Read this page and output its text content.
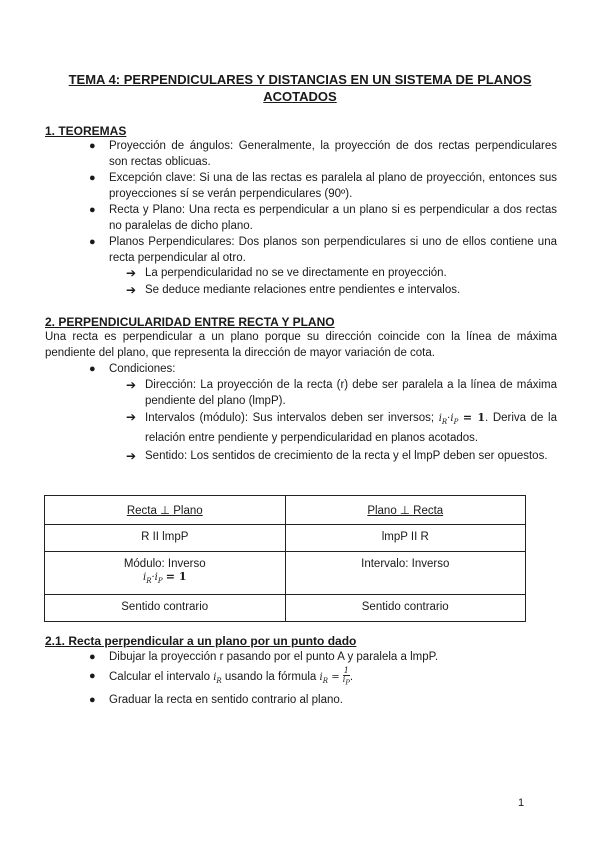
TEMA 4: PERPENDICULARES Y DISTANCIAS EN UN SISTEMA DE PLANOS ACOTADOS
1. TEOREMAS
● Proyección de ángulos: Generalmente, la proyección de dos rectas perpendiculares son rectas oblicuas.
● Excepción clave: Si una de las rectas es paralela al plano de proyección, entonces sus proyecciones sí se verán perpendiculares (90º).
● Recta y Plano: Una recta es perpendicular a un plano si es perpendicular a dos rectas no paralelas de dicho plano.
● Planos Perpendiculares: Dos planos son perpendiculares si uno de ellos contiene una recta perpendicular al otro.
➔ La perpendicularidad no se ve directamente en proyección.
➔ Se deduce mediante relaciones entre pendientes e intervalos.
2. PERPENDICULARIDAD ENTRE RECTA Y PLANO
Una recta es perpendicular a un plano porque su dirección coincide con la línea de máxima pendiente del plano, que representa la dirección de mayor variación de cota.
● Condiciones:
➔ Dirección: La proyección de la recta (r) debe ser paralela a la línea de máxima pendiente del plano (lmpP).
➔ Intervalos (módulo): Sus intervalos deben ser inversos; $i_R\cdot i_P = 1$. Deriva de la relación entre pendiente y perpendicularidad en planos acotados.
➔ Sentido: Los sentidos de crecimiento de la recta y el lmpP deben ser opuestos.
Recta ⊥ Plano	Plano ⊥ Recta
R II lmpP	lmpP II R

Módulo: Inverso
$i_R\cdot i_P = 1$	Intervalo: Inverso
Sentido contrario	Sentido contrario
2.1. Recta perpendicular a un plano por un punto dado
● Dibujar la proyección r pasando por el punto A y paralela a lmpP.
● Calcular el intervalo $i_R$ usando la fórmula $i_R = \frac{1}{i_P}$ .
● Graduar la recta en sentido contrario al plano.
1
